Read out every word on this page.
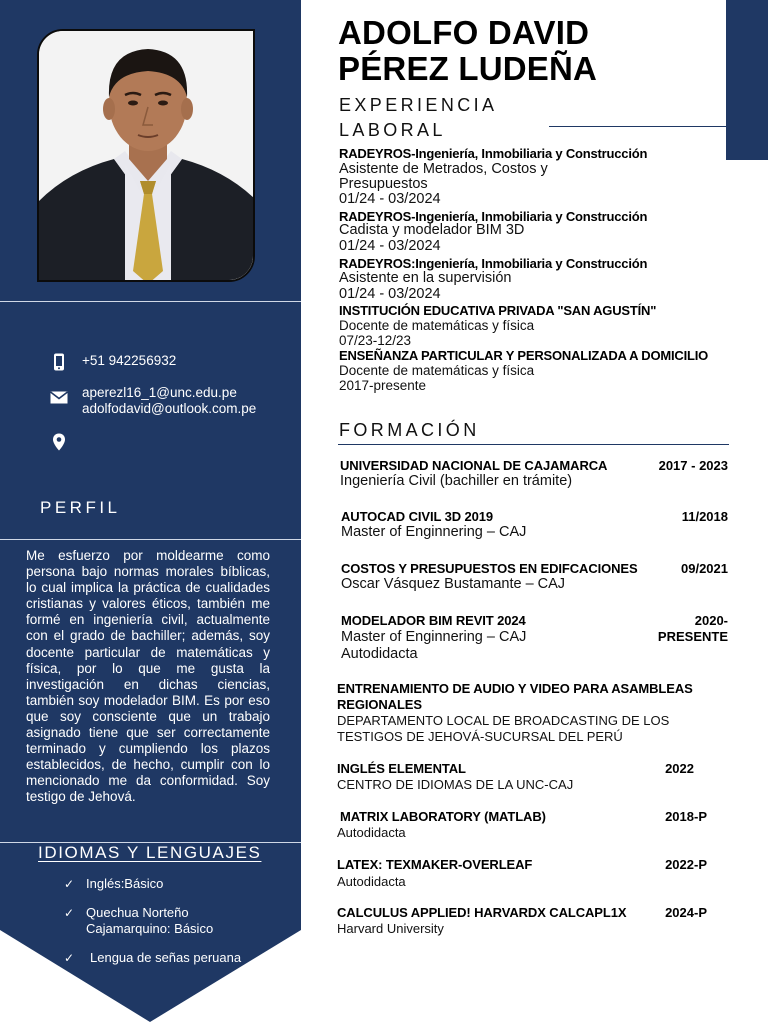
+51 942256932
aperezl16_1@unc.edu.pe
adolfodavid@outlook.com.pe
PERFIL
Me esfuerzo por moldearme como persona bajo normas morales bíblicas, lo cual implica la práctica de cualidades cristianas y valores éticos, también me formé en ingeniería civil, actualmente con el grado de bachiller; además, soy docente particular de matemáticas y física, por lo que me gusta la investigación en dichas ciencias, también soy modelador BIM. Es por eso que soy consciente que un trabajo asignado tiene que ser correctamente terminado y cumpliendo los plazos establecidos, de hecho, cumplir con lo mencionado me da conformidad. Soy testigo de Jehová.
IDIOMAS Y LENGUAJES
✓ Inglés:Básico
✓ Quechua Norteño
Cajamarquino: Básico
✓	Lengua de señas peruana
ADOLFO DAVID
PÉREZ LUDEÑA
EXPERIENCIA
LABORAL
RADEYROS-Ingeniería, Inmobiliaria y Construcción
Asistente de Metrados, Costos y
Presupuestos
01/24 - 03/2024
RADEYROS-Ingeniería, Inmobiliaria y Construcción
Cadista y modelador BIM 3D
01/24 - 03/2024
RADEYROS:Ingeniería, Inmobiliaria y Construcción
Asistente en la supervisión
01/24 - 03/2024
INSTITUCIÓN EDUCATIVA PRIVADA "SAN AGUSTÍN"
Docente de matemáticas y física
07/23-12/23
ENSEÑANZA PARTICULAR Y PERSONALIZADA A DOMICILIO
Docente de matemáticas y física
2017-presente
FORMACIÓN
UNIVERSIDAD NACIONAL DE CAJAMARCA	2017 - 2023
Ingeniería Civil (bachiller en trámite)
AUTOCAD CIVIL 3D 2019	11/2018
Master of Enginnering – CAJ
COSTOS Y PRESUPUESTOS EN EDIFCACIONES	09/2021
Oscar Vásquez Bustamante – CAJ
MODELADOR BIM REVIT 2024	2020-
Master of Enginnering – CAJ	PRESENTE
Autodidacta
ENTRENAMIENTO DE AUDIO Y VIDEO PARA ASAMBLEAS
REGIONALES
DEPARTAMENTO LOCAL DE BROADCASTING DE LOS
TESTIGOS DE JEHOVÁ-SUCURSAL DEL PERÚ
INGLÉS ELEMENTAL	2022
CENTRO DE IDIOMAS DE LA UNC-CAJ
MATRIX LABORATORY (MATLAB)	2018-P
Autodidacta
LATEX: TEXMAKER-OVERLEAF	2022-P
Autodidacta
CALCULUS APPLIED! HARVARDX CALCAPL1X	2024-P
Harvard University
